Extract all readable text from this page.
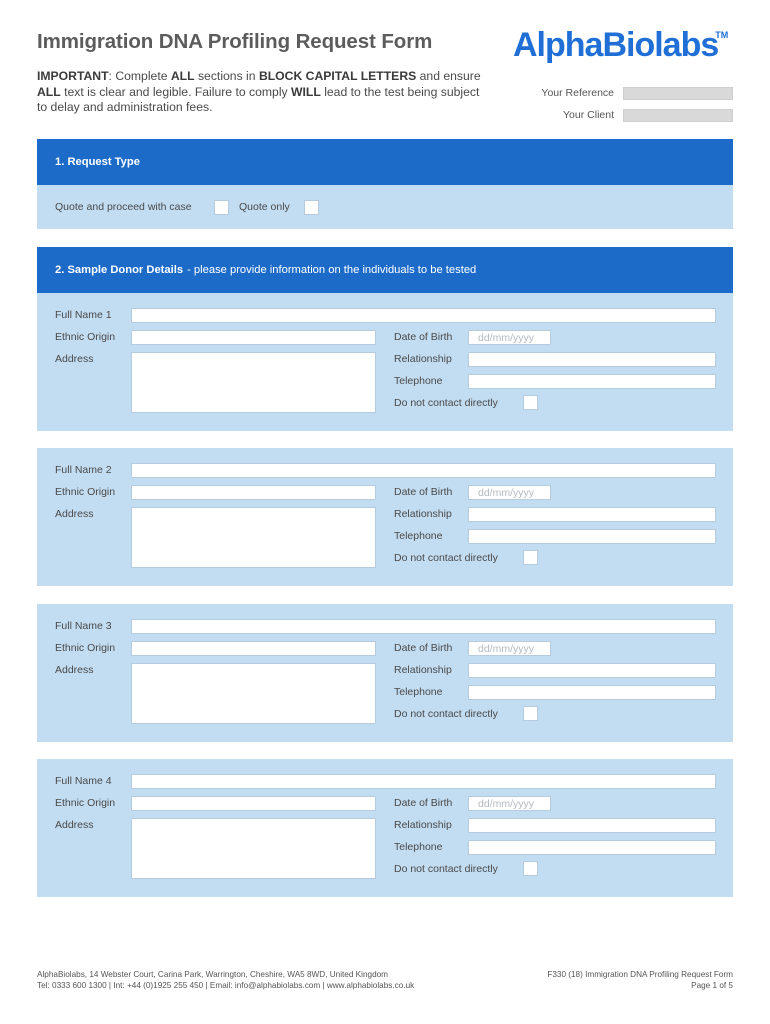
Immigration DNA Profiling Request Form AlphaBiolabs
TM
IMPORTANT: Complete ALL sections in BLOCK CAPITAL LETTERS and ensure ALL text is clear and legible. Failure to comply WILL lead to the test being subject to delay and administration fees.
Your Reference
Your Client
1. Request Type
Quote and proceed with case	Quote only
2. Sample Donor Details - please provide information on the individuals to be tested
Full Name 1
Ethnic Origin
Address
Date of Birth dd/mm/yyyy
Relationship
Telephone
Do not contact directly
Full Name 2
Ethnic Origin
Address
Date of Birth dd/mm/yyyy
Relationship
Telephone
Do not contact directly
Full Name 3
Ethnic Origin
Address
Date of Birth dd/mm/yyyy
Relationship
Telephone
Do not contact directly
Full Name 4
Ethnic Origin
Address
Date of Birth dd/mm/yyyy
Relationship
Telephone
Do not contact directly
AlphaBiolabs, 14 Webster Court, Carina Park, Warrington, Cheshire, WA5 8WD, United Kingdom
Tel: 0333 600 1300 | Int: +44 (0)1925 255 450 | Email: info@alphabiolabs.com | www.alphabiolabs.co.uk
F330 (18) Immigration DNA Profiling Request Form
Page 1 of 5
